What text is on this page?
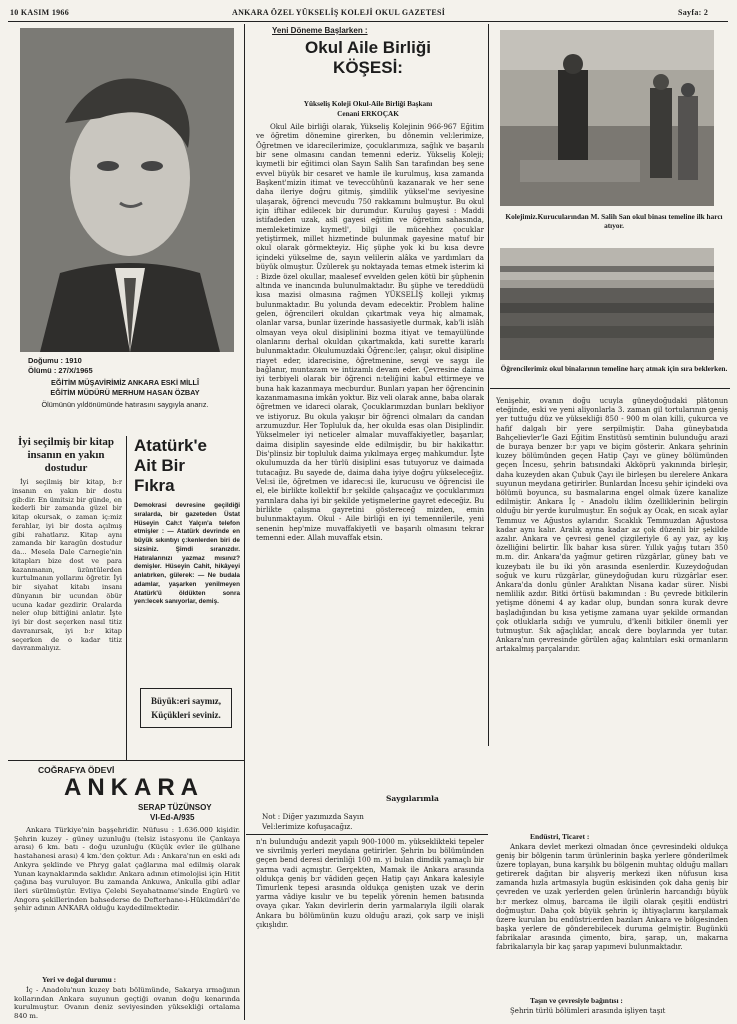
10 KASIM 1966	ANKARA ÖZEL YÜKSELİŞ KOLEJİ OKUL GAZETESİ	Sayfa: 2
Doğumu : 1910
Ölümü : 27/X/1965
EĞİTİM MÜŞAVİRİMİZ ANKARA ESKİ MİLLÎ
EĞİTİM MÜDÜRÜ MERHUM HASAN ÖZBAY
Ölümünün yıldönümünde hatırasını saygıyla anarız.
İyi seçilmiş bir kitap
insanın en yakın
dostudur
İyi seçilmiş bir kitap, b:r insanın en yakın bir dostu gib:dir. En ümitsiz bir günde, en kederli bir zamanda güzel bir kitap okursak, o zaman iç:miz ferahlar, iyi bir dosta açılmış gibi rahatlarız. Kitap aynı zamanda bir karagün dostudur da... Mesela Dale Carnegie'nin kitapları bize dost ve para kazanmanın, üzüntülerden kurtulmanın yollarını öğretir. İyi bir siyahat kitabı insanı dünyanın bir ucundan öbür ucuna kadar gezdirir. Oralarda neler olup bittiğini anlatır. İşte iyi bir dost seçerken nasıl titiz davranırsak, iyi b:r kitap seçerken de o kadar titiz davranmalıyız.
Atatürk'e
Ait Bir
Fıkra
Demokrasi devresine geçildiği sıralarda, bir gazeteden Üstat Hüseyin Cah:t Yalçın'a telefon etmişler : — Atatürk devrinde en büyük sıkıntıyı ç:kenlerden biri de sizsiniz. Şimdi sıranızdır. Hatıralarınızı yazmaz mısınız? demişler. Hüseyin Cahit, hikâyeyi anlatırken, gülerek: — Ne budala adamlar, yaşarken yeniImeyen Atatürk'ü öldükten sonra yen:lecek sanıyorlar, demiş.
Büyük:eri saymız,
Küçükleri seviniz.
COĞRAFYA ÖDEVİ
ANKARA
SERAP TÜZÜNSOY
VI-Ed-A/935
Ankara Türkiye'nin başşehridir. Nüfusu : 1.636.000 kişidir. Şehrin kuzey - güney uzunluğu (telsiz istasyonu ile Çankaya arası) 6 km. batı - doğu uzunluğu (Küçük evler ile gülhane hastahanesi arası) 4 km.'den çoktur. Adı : Ankara'nın en eski adı Ankyra şeklinde ve Phryg galat çağlarına mal edilmiş olarak Yunan kaynaklarında saklıdır. Ankara adının etimolojisi için Hitit çağına baş vuruluyor. Bu zamanda Ankuwa, Ankulla gibi adlar ileri sürülmüştür. Evliya Çelebi Seyahatname'sinde Engürü ve Angora şekillerinden bahsederse de Defterhane-i-Hükümdâri'de şehir adının ANKARA olduğu kaydedilmektedir.
Yeri ve doğal durumu :
İç - Anadolu'nun kuzey batı bölümünde, Sakarya ırmağının kollarından Ankara suyunun geçtiği ovanın doğu kenarında kurulmuştur. Ovanın deniz seviyesinden yüksekliği ortalama 840 m.
Yeni Döneme Başlarken :
Okul Aile Birliği
KÖŞESİ:
Yükseliş Koleji Okul-Aile Birliği Başkanı
Cenani ERKOÇAK
Okul Aile birliği olarak, Yükseliş Kolejinin 966-967 Eğitim ve öğretim dönemine girerken, bu dönemin vel:lerimize, Öğretmen ve idarecilerimize, çocuklarımıza, sağlık ve başarılı bir sene olmasını candan temenni ederiz. Yükseliş Koleji; kıymetli bir eğitimci olan Sayın Salih San tarafından beş sene evvel büyük bir cesaret ve hamle ile kurulmuş, kısa zamanda Başkent'mizin itimat ve teveccühünü kazanarak ve her sene daha ileriye doğru gitmiş, şimdilik yüksel'me seviyesine ulaşarak, öğrenci mevcudu 750 rakkamını bulmuştur. Bu okul için iftihar edilecek bir durumdur. Kuruluş gayesi : Maddi istifadeden uzak, asli gayesi eğitim ve öğretim sahasında, memleketimize kıymetl', bilgi ile mücehhez çocuklar yetiştirmek, millet hizmetinde bulunmak gayesine matuf bir okul olarak görmekteyiz. Hiç şüphe yok ki bu kısa devre içindeki yükselme de, sayın velilerin alâka ve yardımları da büyük olmuştur. Üzülerek şu noktayada temas etmek isterim ki : Bizde özel okullar, maalesef evvelden gelen kötü bir şüphenin altında ve inancında bulunulmaktadır. Bu şüphe ve tereddüdü kısa mazisi olmasına rağmen YÜKSELİŞ kolleji yıkmış bulunmaktadır. Bu yolunda devam edecektir. Problem haline gelen, öğrencileri okuldan çıkartmak veya hiç almamak, olanlar varsa, bunlar üzerinde hassasiyetle durmak, kab'li islâh olmayan veya okul disiplinini bozma itiyat ve temayülünde olanlarını derhal okuldan çıkartmakda, kati surette kararlı bulunmaktadır. Okulumuzdaki Öğrenc:ler, çalışır, okul disipline riayet eder, idarecisine, öğretmenine, sevgi ve saygı ile bağlanır, muntazam ve intizamlı devam eder. Çevresine daima iyi terbiyeli olarak bir öğrenci n:teliğini kabul ettirmeye ve buna hak kazanmaya mecburdur. Bunları yapan her öğrencinin kazanmamasına imkân yoktur. Biz veli olarak anne, baba olarak öğretmen ve idareci olarak, Çocuklarımızdan bunları bekliyor ve istiyoruz. Bu okula yakışır bir öğrenci olmaları da candan arzumuzdur. Her Topluluk da, her okulda esas olan Disiplindir. Yükselmeler iyi neticeler almalar muvaffakiyetler, başarılar, daima disiplin sayesinde elde edilmişdir, bu bir hakikattır. Dis'plinsiz bir topluluk daima yıkılmaya ergeç mahkumdur. İşte okulumuzda da her türlü disiplini esas tutuyoruz ve daimada tutacağız. Bu sayede de, daima daha iyiye doğru yükseleceğiz. Vel:si ile, öğretmen ve idarec:si ile, kurucusu ve öğrencisi ile el, ele birlikte kollektif b:r şekilde çalışacağız ve çocuklarımızı yarınlara daha iyi bir şekilde yetişmelerine gayret edeceğiz. Bu birlikte çalışma gayretini göstereceğ mizden, emin bulunmaktayım. Okul - Aile birliği en iyi temennilerile, yeni senenin hep'mize muvaffakiyetli ve başarılı olmasını tekrar temenni eder. Allah muvaffak etsin.
Saygılarımla
Not : Diğer yazımızda Sayın Vel:lerimize kofuşacağız.
n'n bulunduğu andezit yapılı 900-1000 m. yükseklikteki tepeler ve sivrilmiş yerleri meydana getirirler. Şehrin bu bölümünden geçen bend deresi derinliği 100 m. yi bulan dimdik yamaçlı bir yarma vadi açmıştır. Gerçekten, Mamak ile Ankara arasında oldukça geniş b:r vâdiden geçen Hatip çayı Ankara kalesiyle Timurlenk tepesi arasında oldukça genişten uzak ve derin yarma vâdiye kısılır ve bu tepelik yörenin hemen batısında ovaya çıkar. Yakın devirlerin derin yarmalarıyla ilgili olarak Ankara bu bölümünün kuzu olduğu arazi, çok sarp ve inişli çıkışlıdır.
Kolejimiz.Kurucularından M. Salih San okul binası temeline ilk harcı atıyor.
Öğrencilerimiz okul binalarının temeline harç atmak için sıra beklerken.
Yenişehir, ovanın doğu ucuyla güneydoğudaki plâtonun eteğinde, eski ve yeni aliyonlarla 3. zaman gil tortularının geniş yer tuttuğu düz ve yüksekliği 850 - 900 m olan killi, çukurca ve hafif dalgalı bir yere serpilmiştir. Daha güneybatıda Bahçelievler'le Gazi Eğitim Enstitüsü semtinin bulunduğu arazi de buraya benzer b:r yapı ve biçim gösterir. Ankara şehrinin kuzey bölümünden geçen Hatip Çayı ve güney bölümünden geçen İncesu, şehrin batısındaki Akköprü yakınında birleşir, daha kuzeyden akan Çubuk Çayı ile birleşen bu ılerelere Ankara suyunun meydana getirirler. Bunlardan İncesu şehir içindeki ova bölümü boyunca, su basmalarına engel olmak üzere kanalize edilmiştir. Ankara İç - Anadolu iklim özelliklerinin belirgin olduğu bir yerde kurulmuştur. En soğuk ay Ocak, en sıcak aylar Temmuz ve Ağustos aylarıdır. Sıcaklık Temmuzdan Ağustosa kadar aynı kalır. Aralık ayına kadar az çok düzenli bir şekilde azalır. Ankara ve çevresi genel çizgileriyle 6 ay yaz, ay kış özelliğini belirtir. İlk bahar kısa sürer. Yıllık yağış tutarı 350 m.m. dir. Ankara'da yağmur getiren rüzgârlar, güney batı ve kuzeybatı ile bu iki yön arasında esenlerdir. Kuzeydoğudan soğuk ve kuru rüzgârlar, güneydoğudan kuru rüzgârlar eser. Ankara'da donlu günler Aralıktan Nisana kadar sürer. Nisbi nemlilik azdır. Bitki örtüsü bakımından : Bu çevrede bitkilerin yetişme dönemi 4 ay kadar olup, bundan sonra kurak devre başladığından bu kısa yetişme zamana uyar şekilde ormandan çok otluklarla sıdığı ve yumrulu, d'kenli bitkiler önemli yer tutmuştur. Sık ağaçlıklar, ancak dere boylarında yer tutar. Ankara'nın çevresinde görülen ağaç kalıntıları eski ormanların artakalmış parçalarıdır.
Endüstri, Ticaret :
Ankara devlet merkezi olmadan önce çevresindeki oldukça geniş bir bölgenin tarım ürünlerinin başka yerlere gönderilmek üzere toplayan, buna karşılık bu bölgenin muhtaç olduğu malları getirerek dağıtan bir alışveriş merkezi iken nüfusun kısa zamanda hızla artmasıyla bugün eskisinden çok daha geniş bir çevreden ve uzak yerlerden gelen ürünlerin harcandığı büyük b:r merkez olmuş, barcama ile ilgili olarak çeşitli endüstri doğmuştur. Daha çok büyük şehrin iç ihtiyaçlarını karşılamak üzere kurulan bu endüstri:erden bazıları Ankara ve bölgesinden başka yerlere de gönderebilecek duruma gelmiştir. Bugünkü fabrikalar arasında çimento, bira, şarap, un, makarna fabrikalarıyla bir kaç şarap yapımevi bulunmaktadır.
Taşın ve çevresiyle bağıntısı :
Şehrin türlü bölümleri arasında işliyen taşıt
